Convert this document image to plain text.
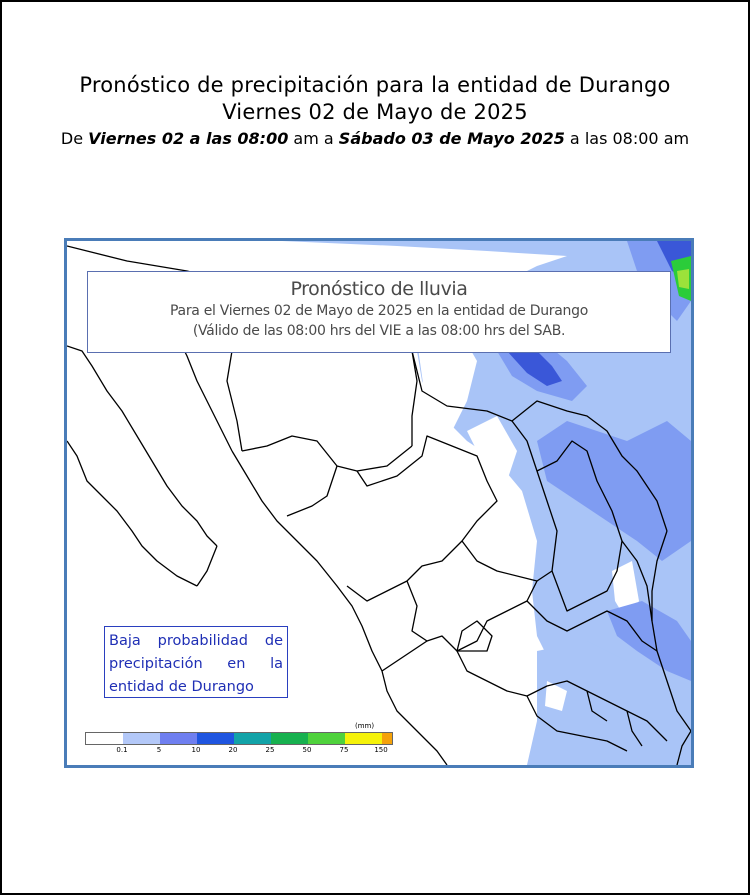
Pronóstico de precipitación para la entidad de Durango
Viernes 02 de Mayo de 2025
De Viernes 02 a las 08:00 am a Sábado 03 de Mayo 2025 a las 08:00 am
Pronóstico de lluvia
Para el Viernes 02 de Mayo de 2025 en la entidad de Durango
(Válido de las 08:00 hrs del VIE a las 08:00 hrs del SAB.
Baja probabilidad de precipitación en la entidad de Durango
(mm)
0.1	5	10	20	25	50	75	150
